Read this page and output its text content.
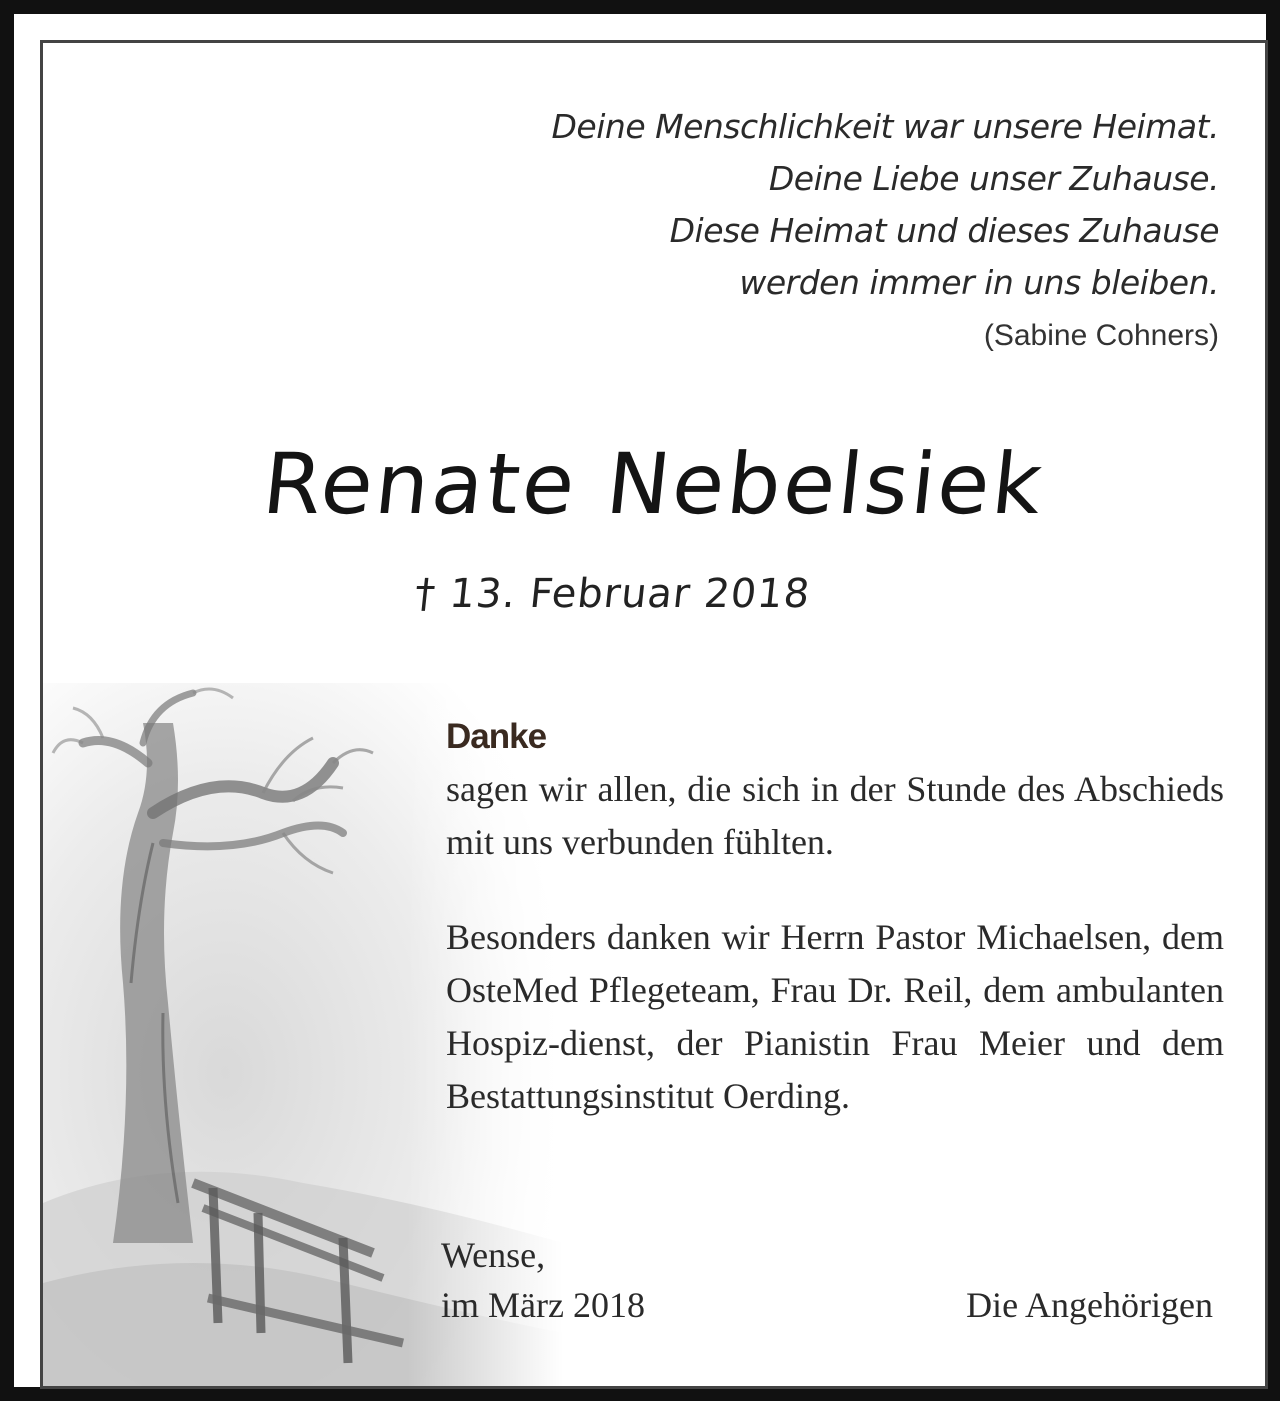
Deine Menschlichkeit war unsere Heimat.
Deine Liebe unser Zuhause.
Diese Heimat und dieses Zuhause
werden immer in uns bleiben.
(Sabine Cohners)
Renate Nebelsiek
† 13. Februar 2018
Danke
sagen wir allen, die sich in der Stunde des Abschieds mit uns verbunden fühlten.
Besonders danken wir Herrn Pastor Michaelsen, dem OsteMed Pflegeteam, Frau Dr. Reil, dem ambulanten Hospiz-dienst, der Pianistin Frau Meier und dem Bestattungsinstitut Oerding.
Wense,
im März 2018	Die Angehörigen
